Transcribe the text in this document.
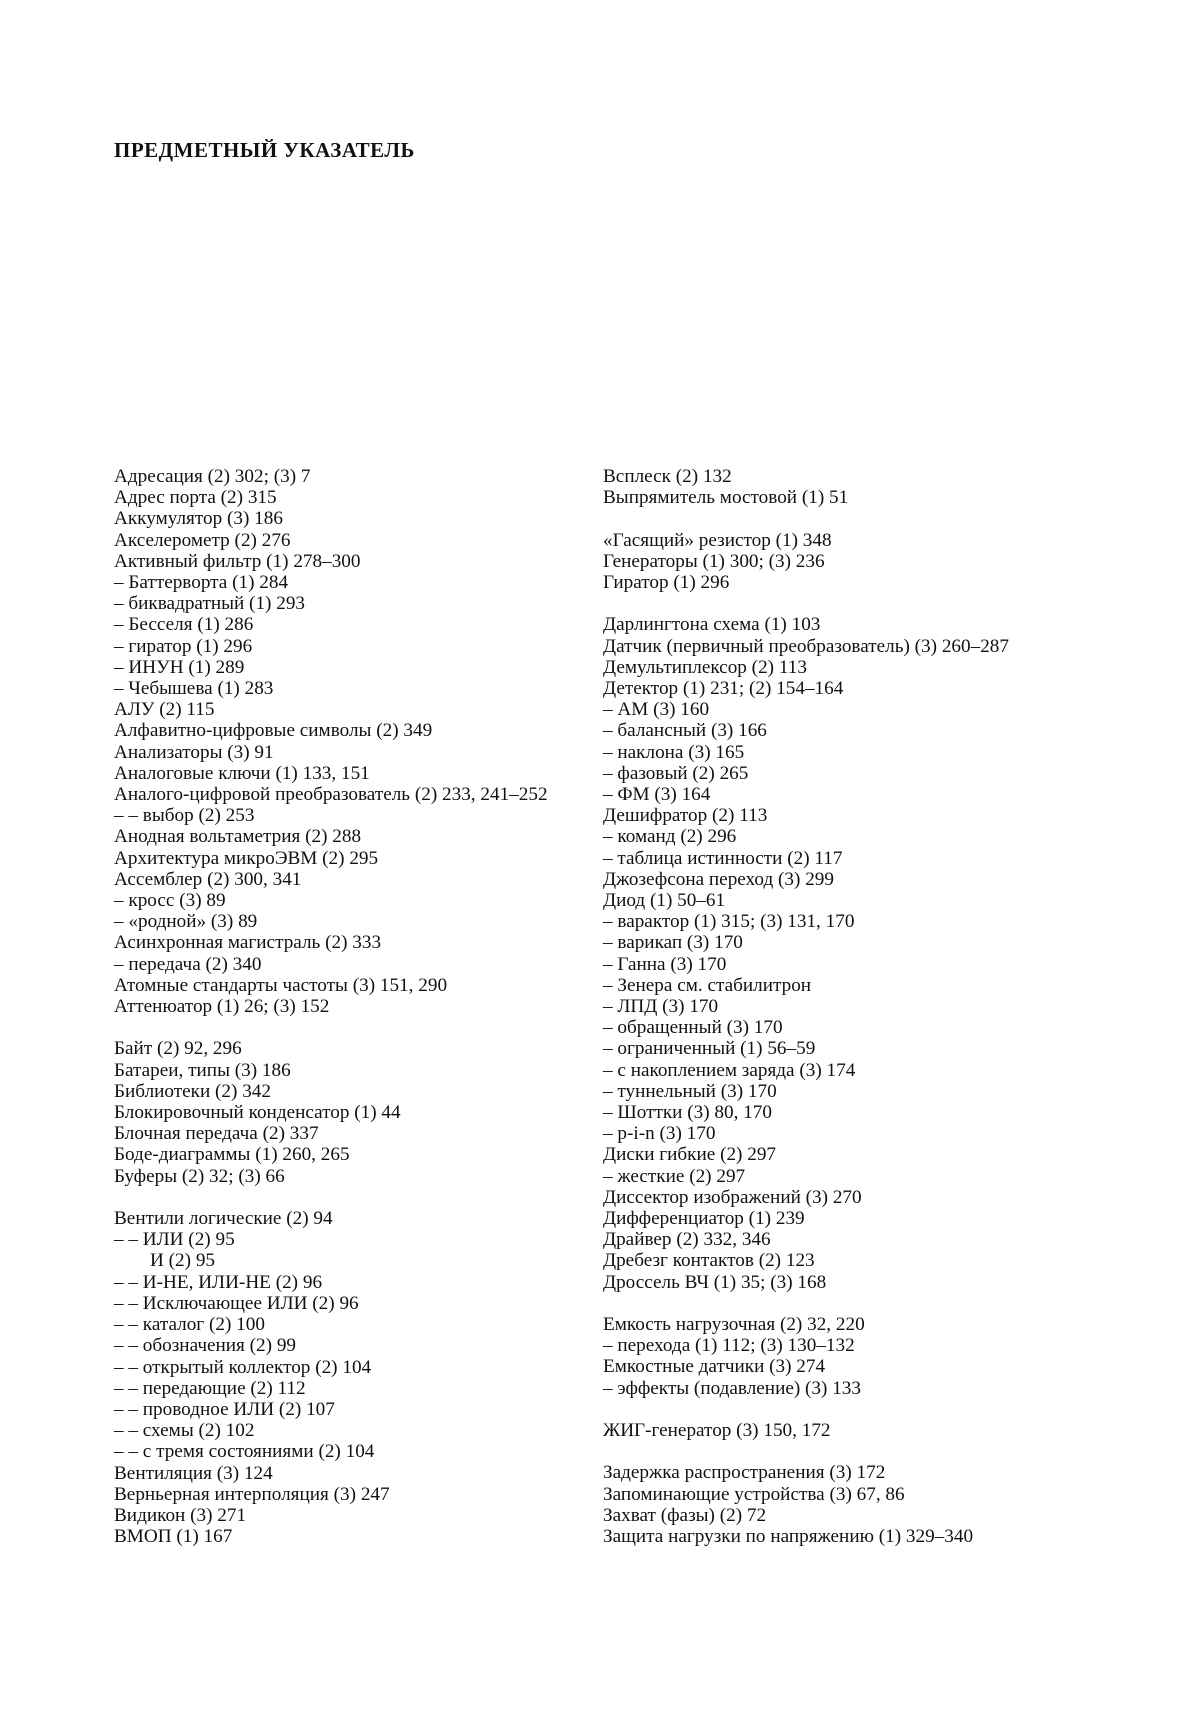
ПРЕДМЕТНЫЙ УКАЗАТЕЛЬ
Адресация (2) 302; (3) 7
Адрес порта (2) 315
Аккумулятор (3) 186
Акселерометр (2) 276
Активный фильтр (1) 278–300
– Баттерворта (1) 284
– биквадратный (1) 293
– Бесселя (1) 286
– гиратор (1) 296
– ИНУН (1) 289
– Чебышева (1) 283
АЛУ (2) 115
Алфавитно-цифровые символы (2) 349
Анализаторы (3) 91
Аналоговые ключи (1) 133, 151
Аналого-цифровой преобразователь (2) 233, 241–252
– – выбор (2) 253
Анодная вольтаметрия (2) 288
Архитектура микроЭВМ (2) 295
Ассемблер (2) 300, 341
– кросс (3) 89
– «родной» (3) 89
Асинхронная магистраль (2) 333
– передача (2) 340
Атомные стандарты частоты (3) 151, 290
Аттенюатор (1) 26; (3) 152
Байт (2) 92, 296
Батареи, типы (3) 186
Библиотеки (2) 342
Блокировочный конденсатор (1) 44
Блочная передача (2) 337
Боде-диаграммы (1) 260, 265
Буферы (2) 32; (3) 66
Вентили логические (2) 94
– – ИЛИ (2) 95
И (2) 95
– – И-НЕ, ИЛИ-НЕ (2) 96
– – Исключающее ИЛИ (2) 96
– – каталог (2) 100
– – обозначения (2) 99
– – открытый коллектор (2) 104
– – передающие (2) 112
– – проводное ИЛИ (2) 107
– – схемы (2) 102
– – с тремя состояниями (2) 104
Вентиляция (3) 124
Верньерная интерполяция (3) 247
Видикон (3) 271
ВМОП (1) 167
Всплеск (2) 132
Выпрямитель мостовой (1) 51
«Гасящий» резистор (1) 348
Генераторы (1) 300; (3) 236
Гиратор (1) 296
Дарлингтона схема (1) 103
Датчик (первичный преобразователь) (3) 260–287
Демультиплексор (2) 113
Детектор (1) 231; (2) 154–164
– АМ (3) 160
– балансный (3) 166
– наклона (3) 165
– фазовый (2) 265
– ФМ (3) 164
Дешифратор (2) 113
– команд (2) 296
– таблица истинности (2) 117
Джозефсона переход (3) 299
Диод (1) 50–61
– варактор (1) 315; (3) 131, 170
– варикап (3) 170
– Ганна (3) 170
– Зенера см. стабилитрон
– ЛПД (3) 170
– обращенный (3) 170
– ограниченный (1) 56–59
– с накоплением заряда (3) 174
– туннельный (3) 170
– Шоттки (3) 80, 170
– p-i-n (3) 170
Диски гибкие (2) 297
– жесткие (2) 297
Диссектор изображений (3) 270
Дифференциатор (1) 239
Драйвер (2) 332, 346
Дребезг контактов (2) 123
Дроссель ВЧ (1) 35; (3) 168
Емкость нагрузочная (2) 32, 220
– перехода (1) 112; (3) 130–132
Емкостные датчики (3) 274
– эффекты (подавление) (3) 133
ЖИГ-генератор (3) 150, 172
Задержка распространения (3) 172
Запоминающие устройства (3) 67, 86
Захват (фазы) (2) 72
Защита нагрузки по напряжению (1) 329–340
